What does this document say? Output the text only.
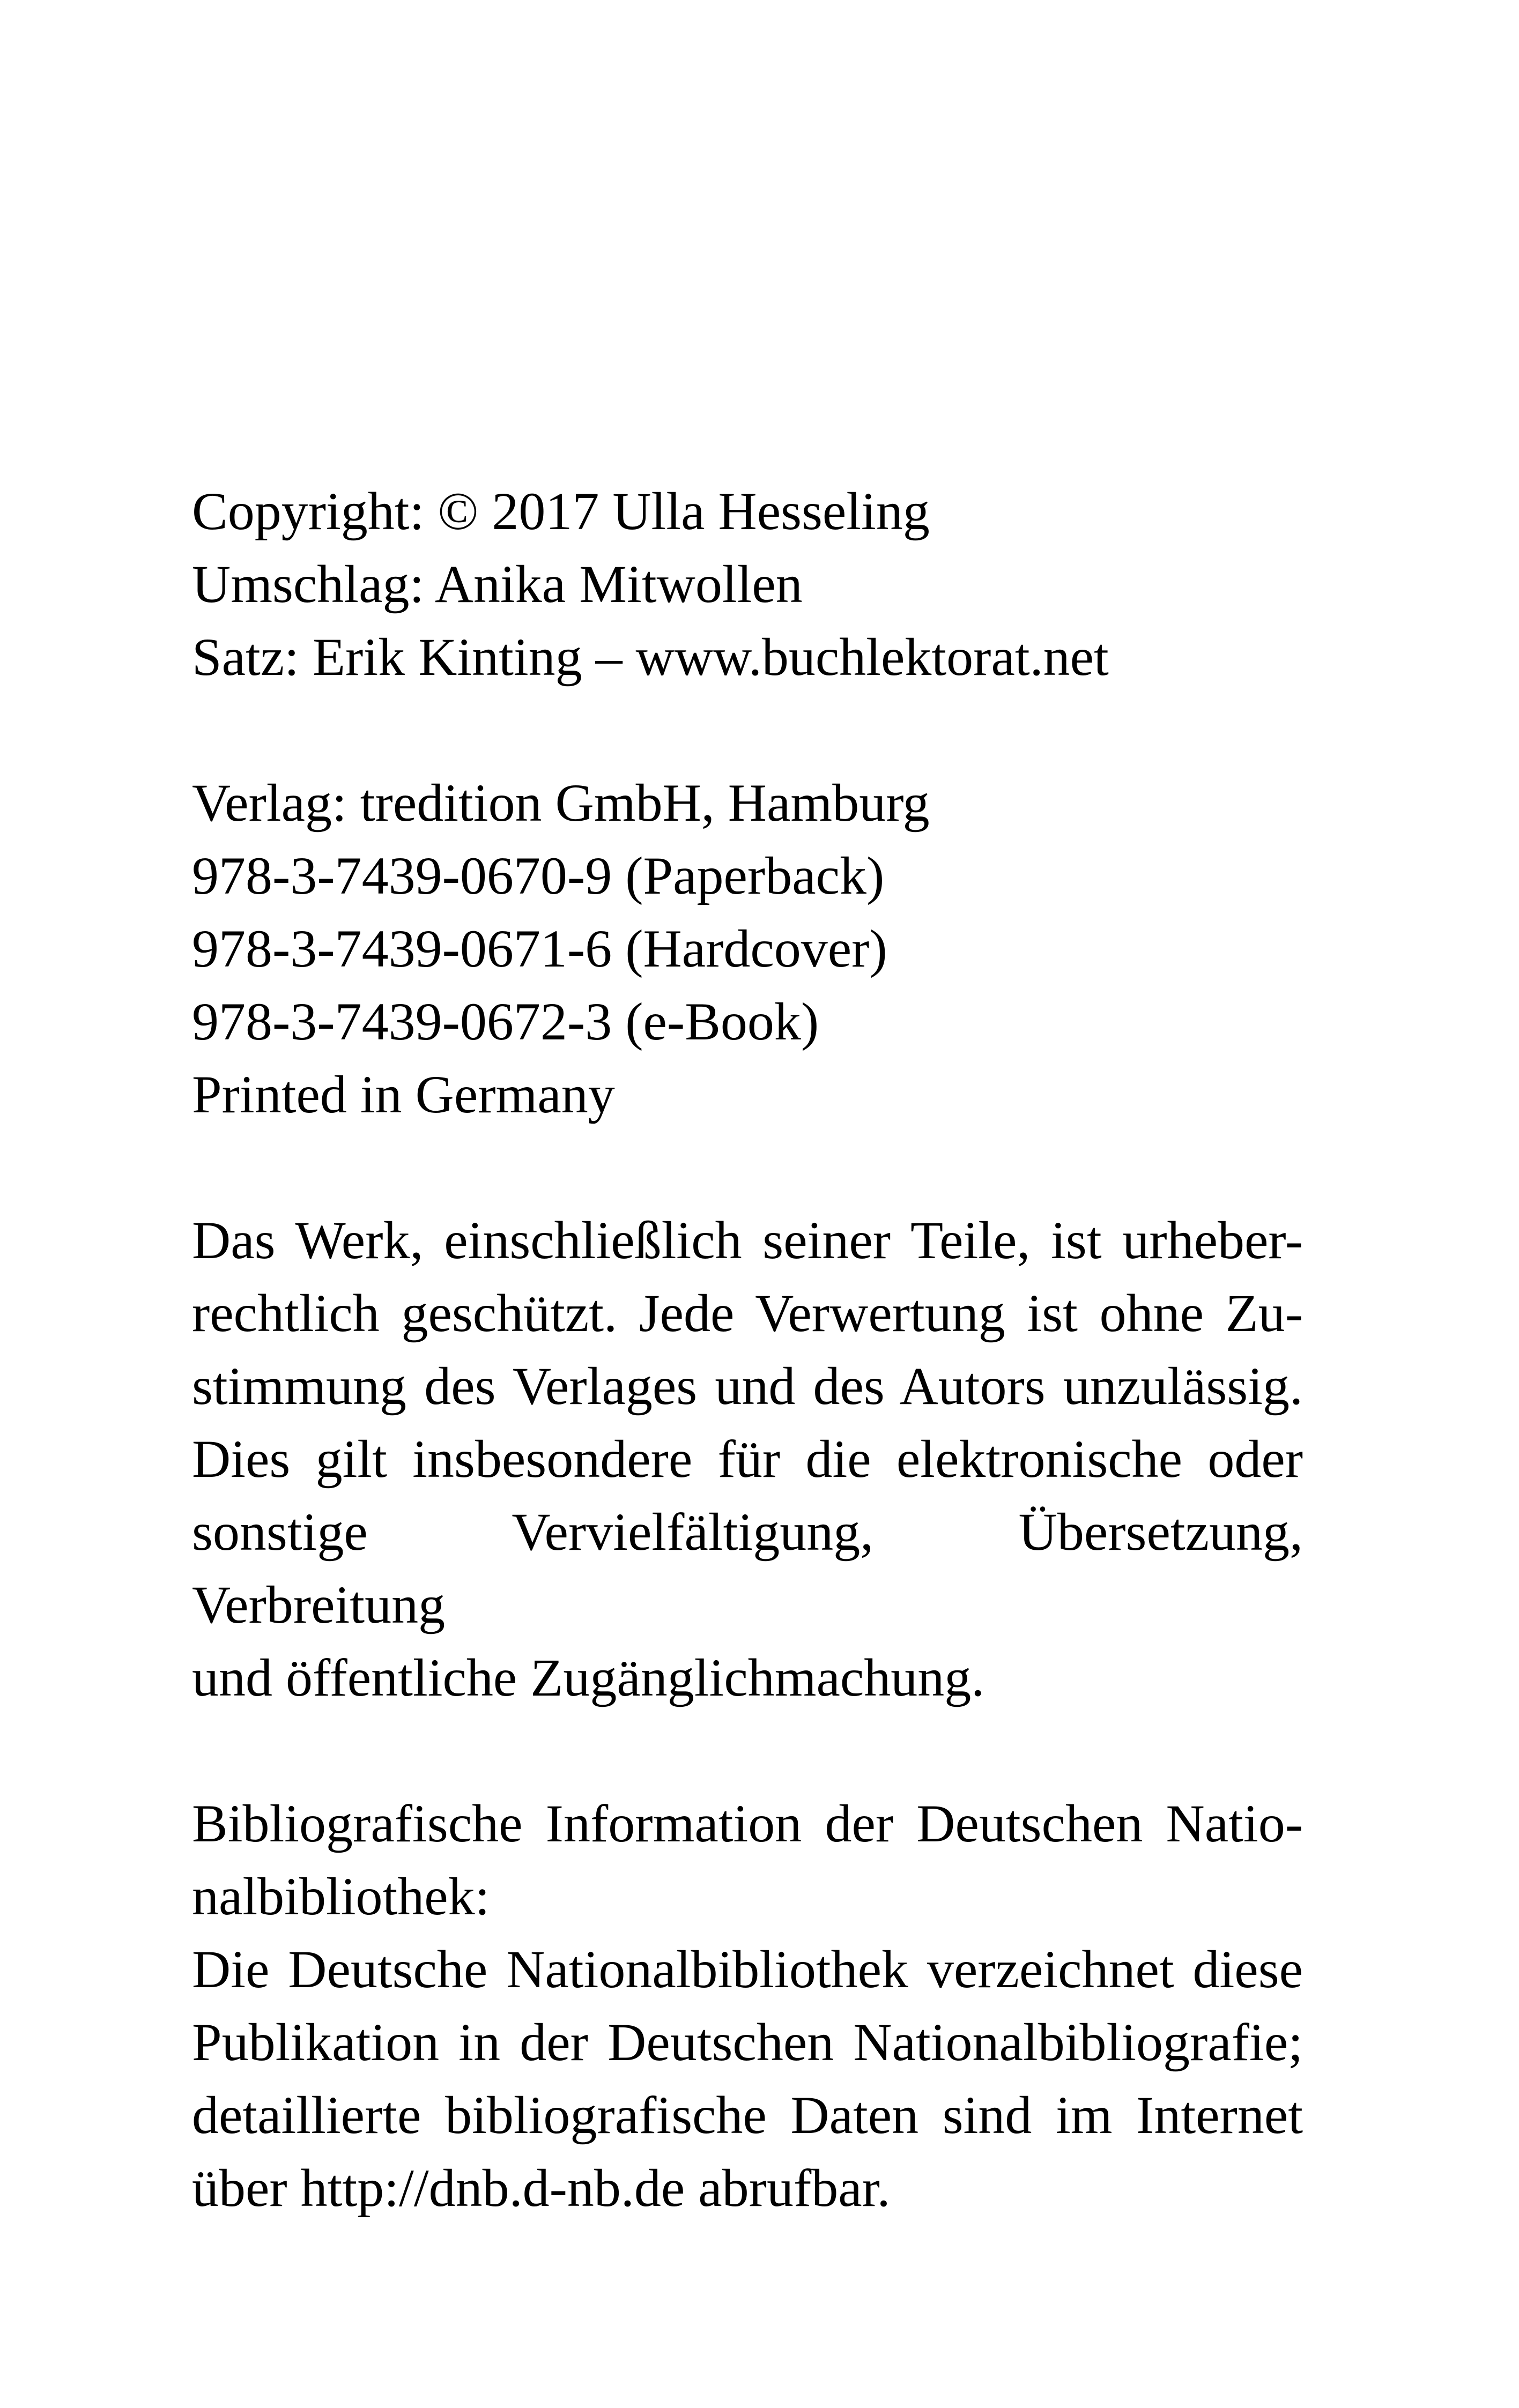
Copyright: © 2017 Ulla Hesseling
Umschlag: Anika Mitwollen
Satz: Erik Kinting – www.buchlektorat.net
Verlag: tredition GmbH, Hamburg
978-3-7439-0670-9 (Paperback)
978-3-7439-0671-6 (Hardcover)
978-3-7439-0672-3 (e-Book)
Printed in Germany
Das Werk, einschließlich seiner Teile, ist urheber-
rechtlich geschützt. Jede Verwertung ist ohne Zu-
stimmung des Verlages und des Autors unzulässig.
Dies gilt insbesondere für die elektronische oder
sonstige Vervielfältigung, Übersetzung, Verbreitung
und öffentliche Zugänglichmachung.
Bibliografische Information der Deutschen Natio-
nalbibliothek:
Die Deutsche Nationalbibliothek verzeichnet diese
Publikation in der Deutschen Nationalbibliografie;
detaillierte bibliografische Daten sind im Internet
über http://dnb.d-nb.de abrufbar.
